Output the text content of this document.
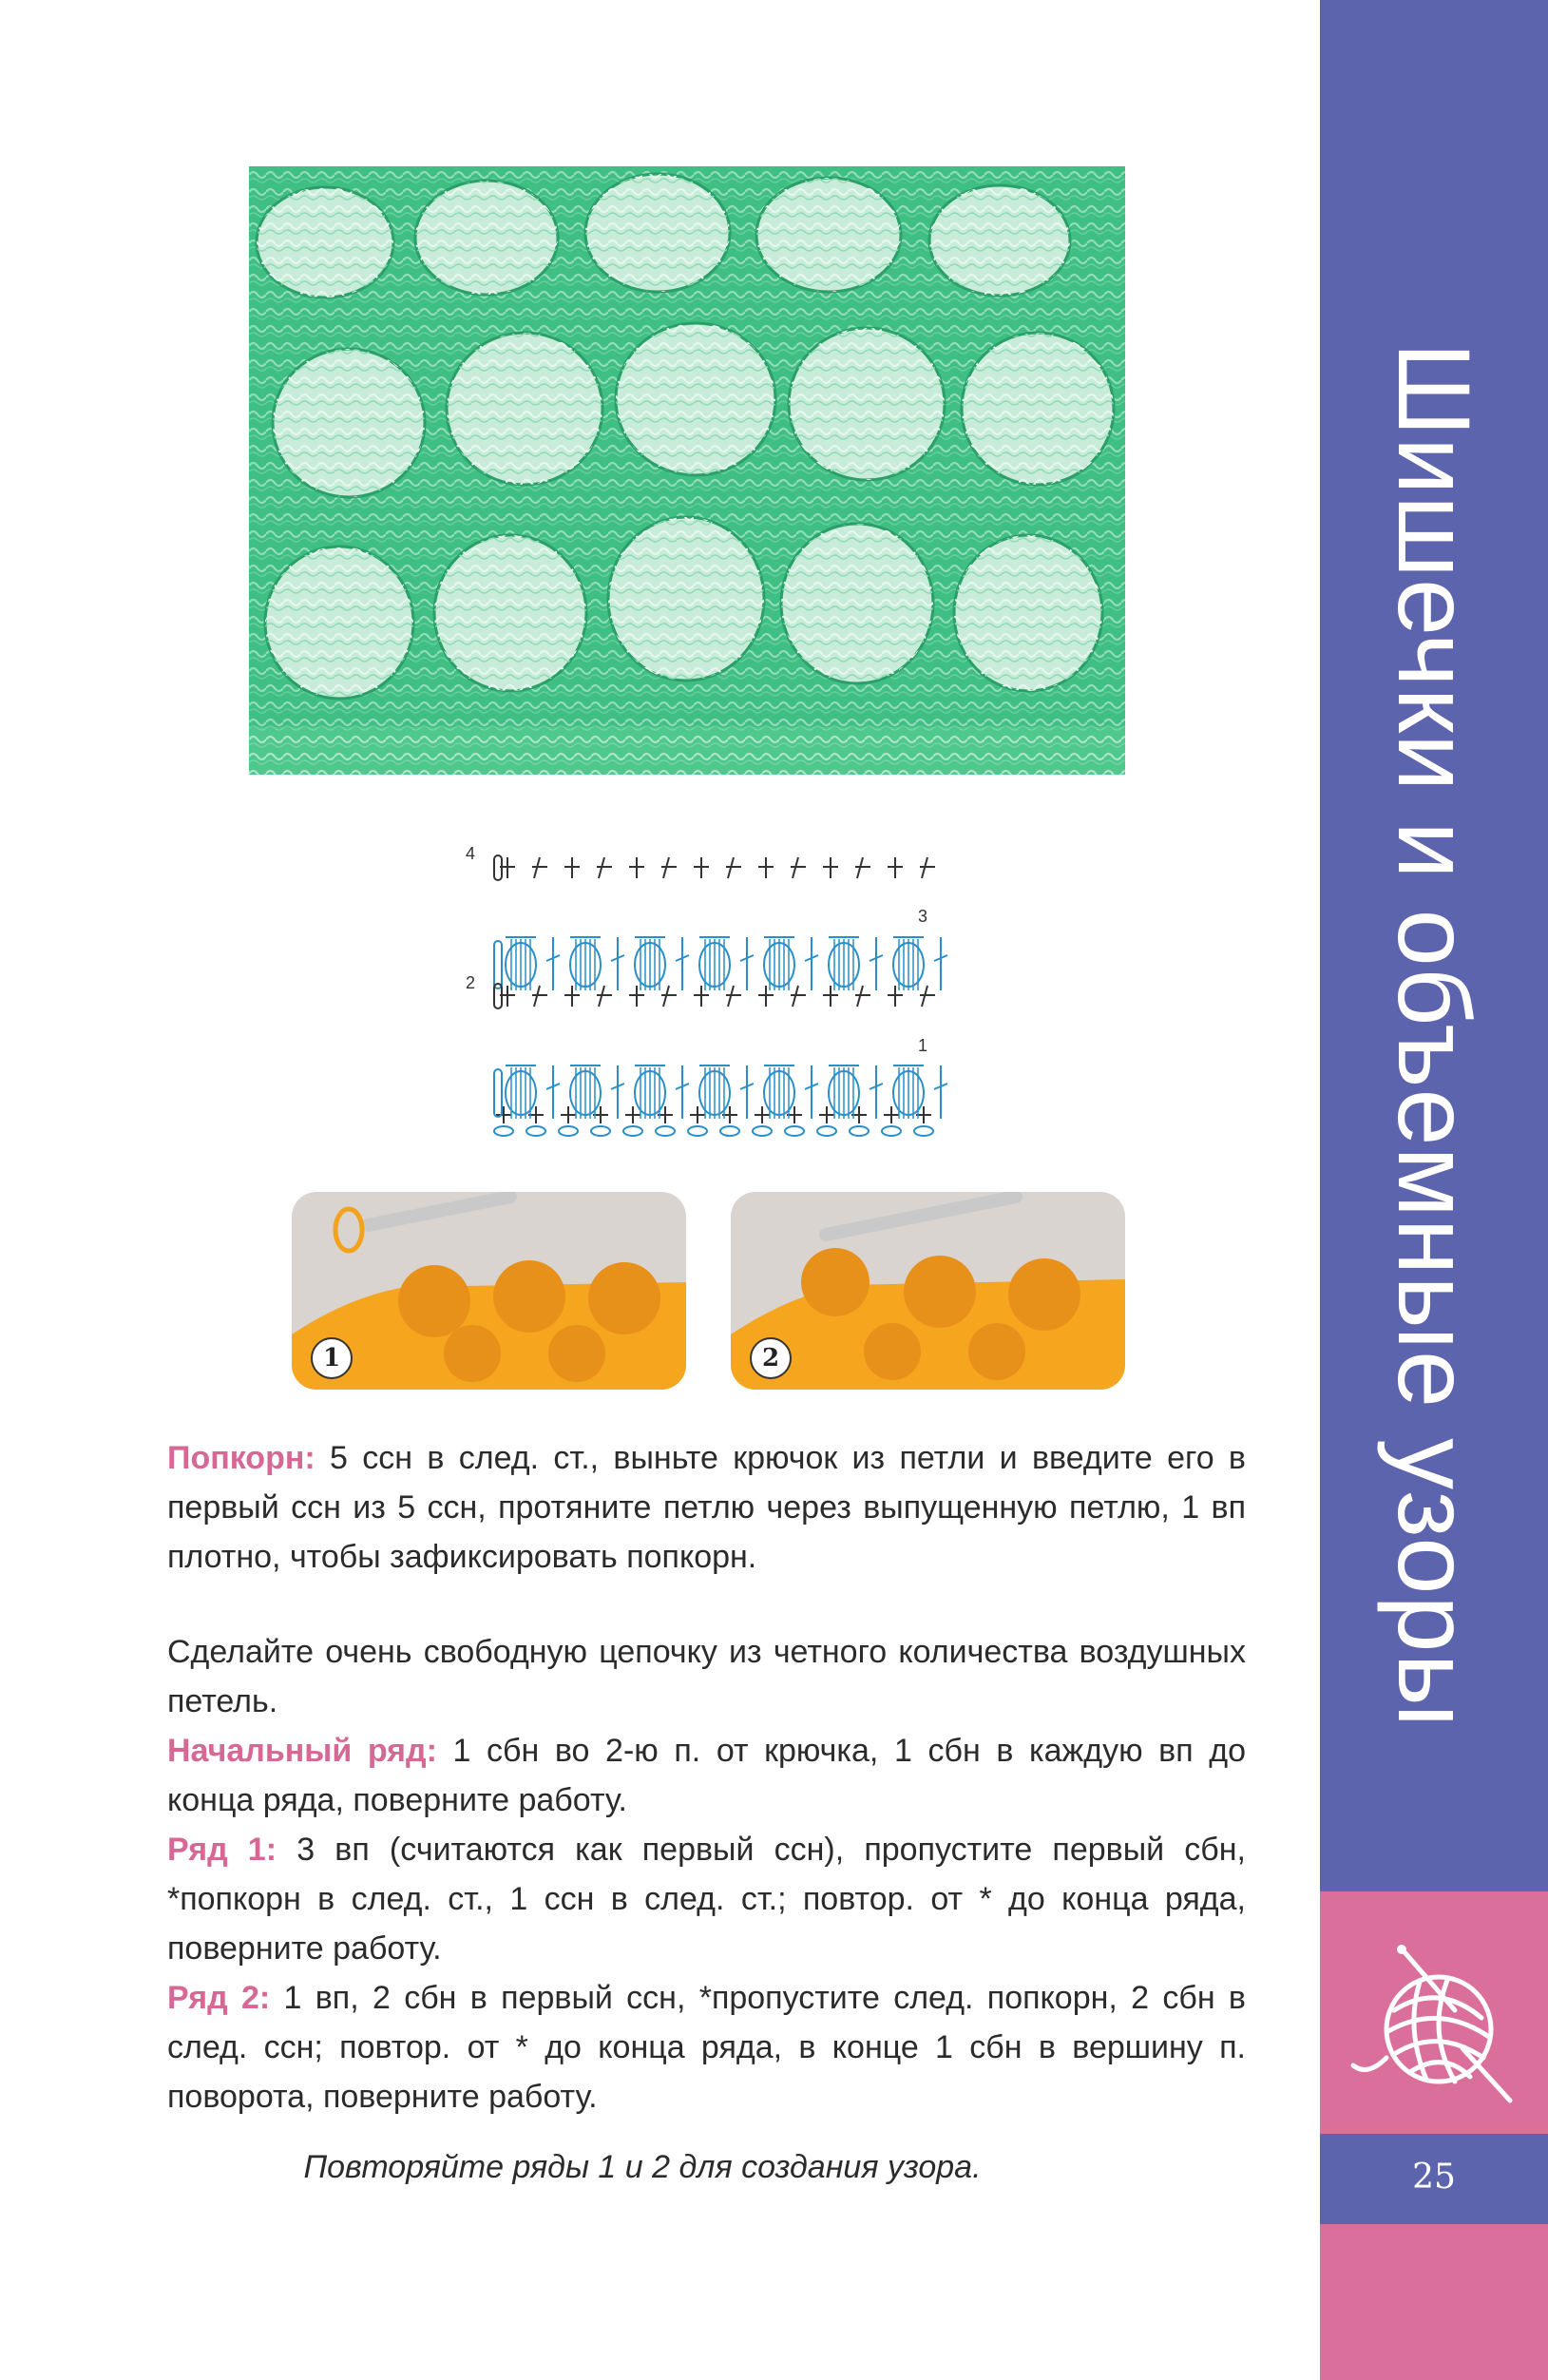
Шишечки и объемные узоры
25
4
3
2
1
1	2

Попкорн: 5 ссн в след. ст., выньте крючок из петли и введите его в первый ссн из 5 ссн, протяните петлю через выпущенную петлю, 1 вп плотно, чтобы зафиксировать попкорн.

Сделайте очень свободную цепочку из четного количества воздушных петель.

Начальный ряд: 1 сбн во 2-ю п. от крючка, 1 сбн в каждую вп до конца ряда, поверните работу.

Ряд 1: 3 вп (считаются как первый ссн), пропустите первый сбн, *попкорн в след. ст., 1 ссн в след. ст.; повтор. от * до конца ряда, поверните работу.

Ряд 2: 1 вп, 2 сбн в первый ссн, *пропустите след. попкорн, 2 сбн в след. ссн; повтор. от * до конца ряда, в конце 1 сбн в вершину п. поворота, поверните работу.

Повторяйте ряды 1 и 2 для создания узора.
